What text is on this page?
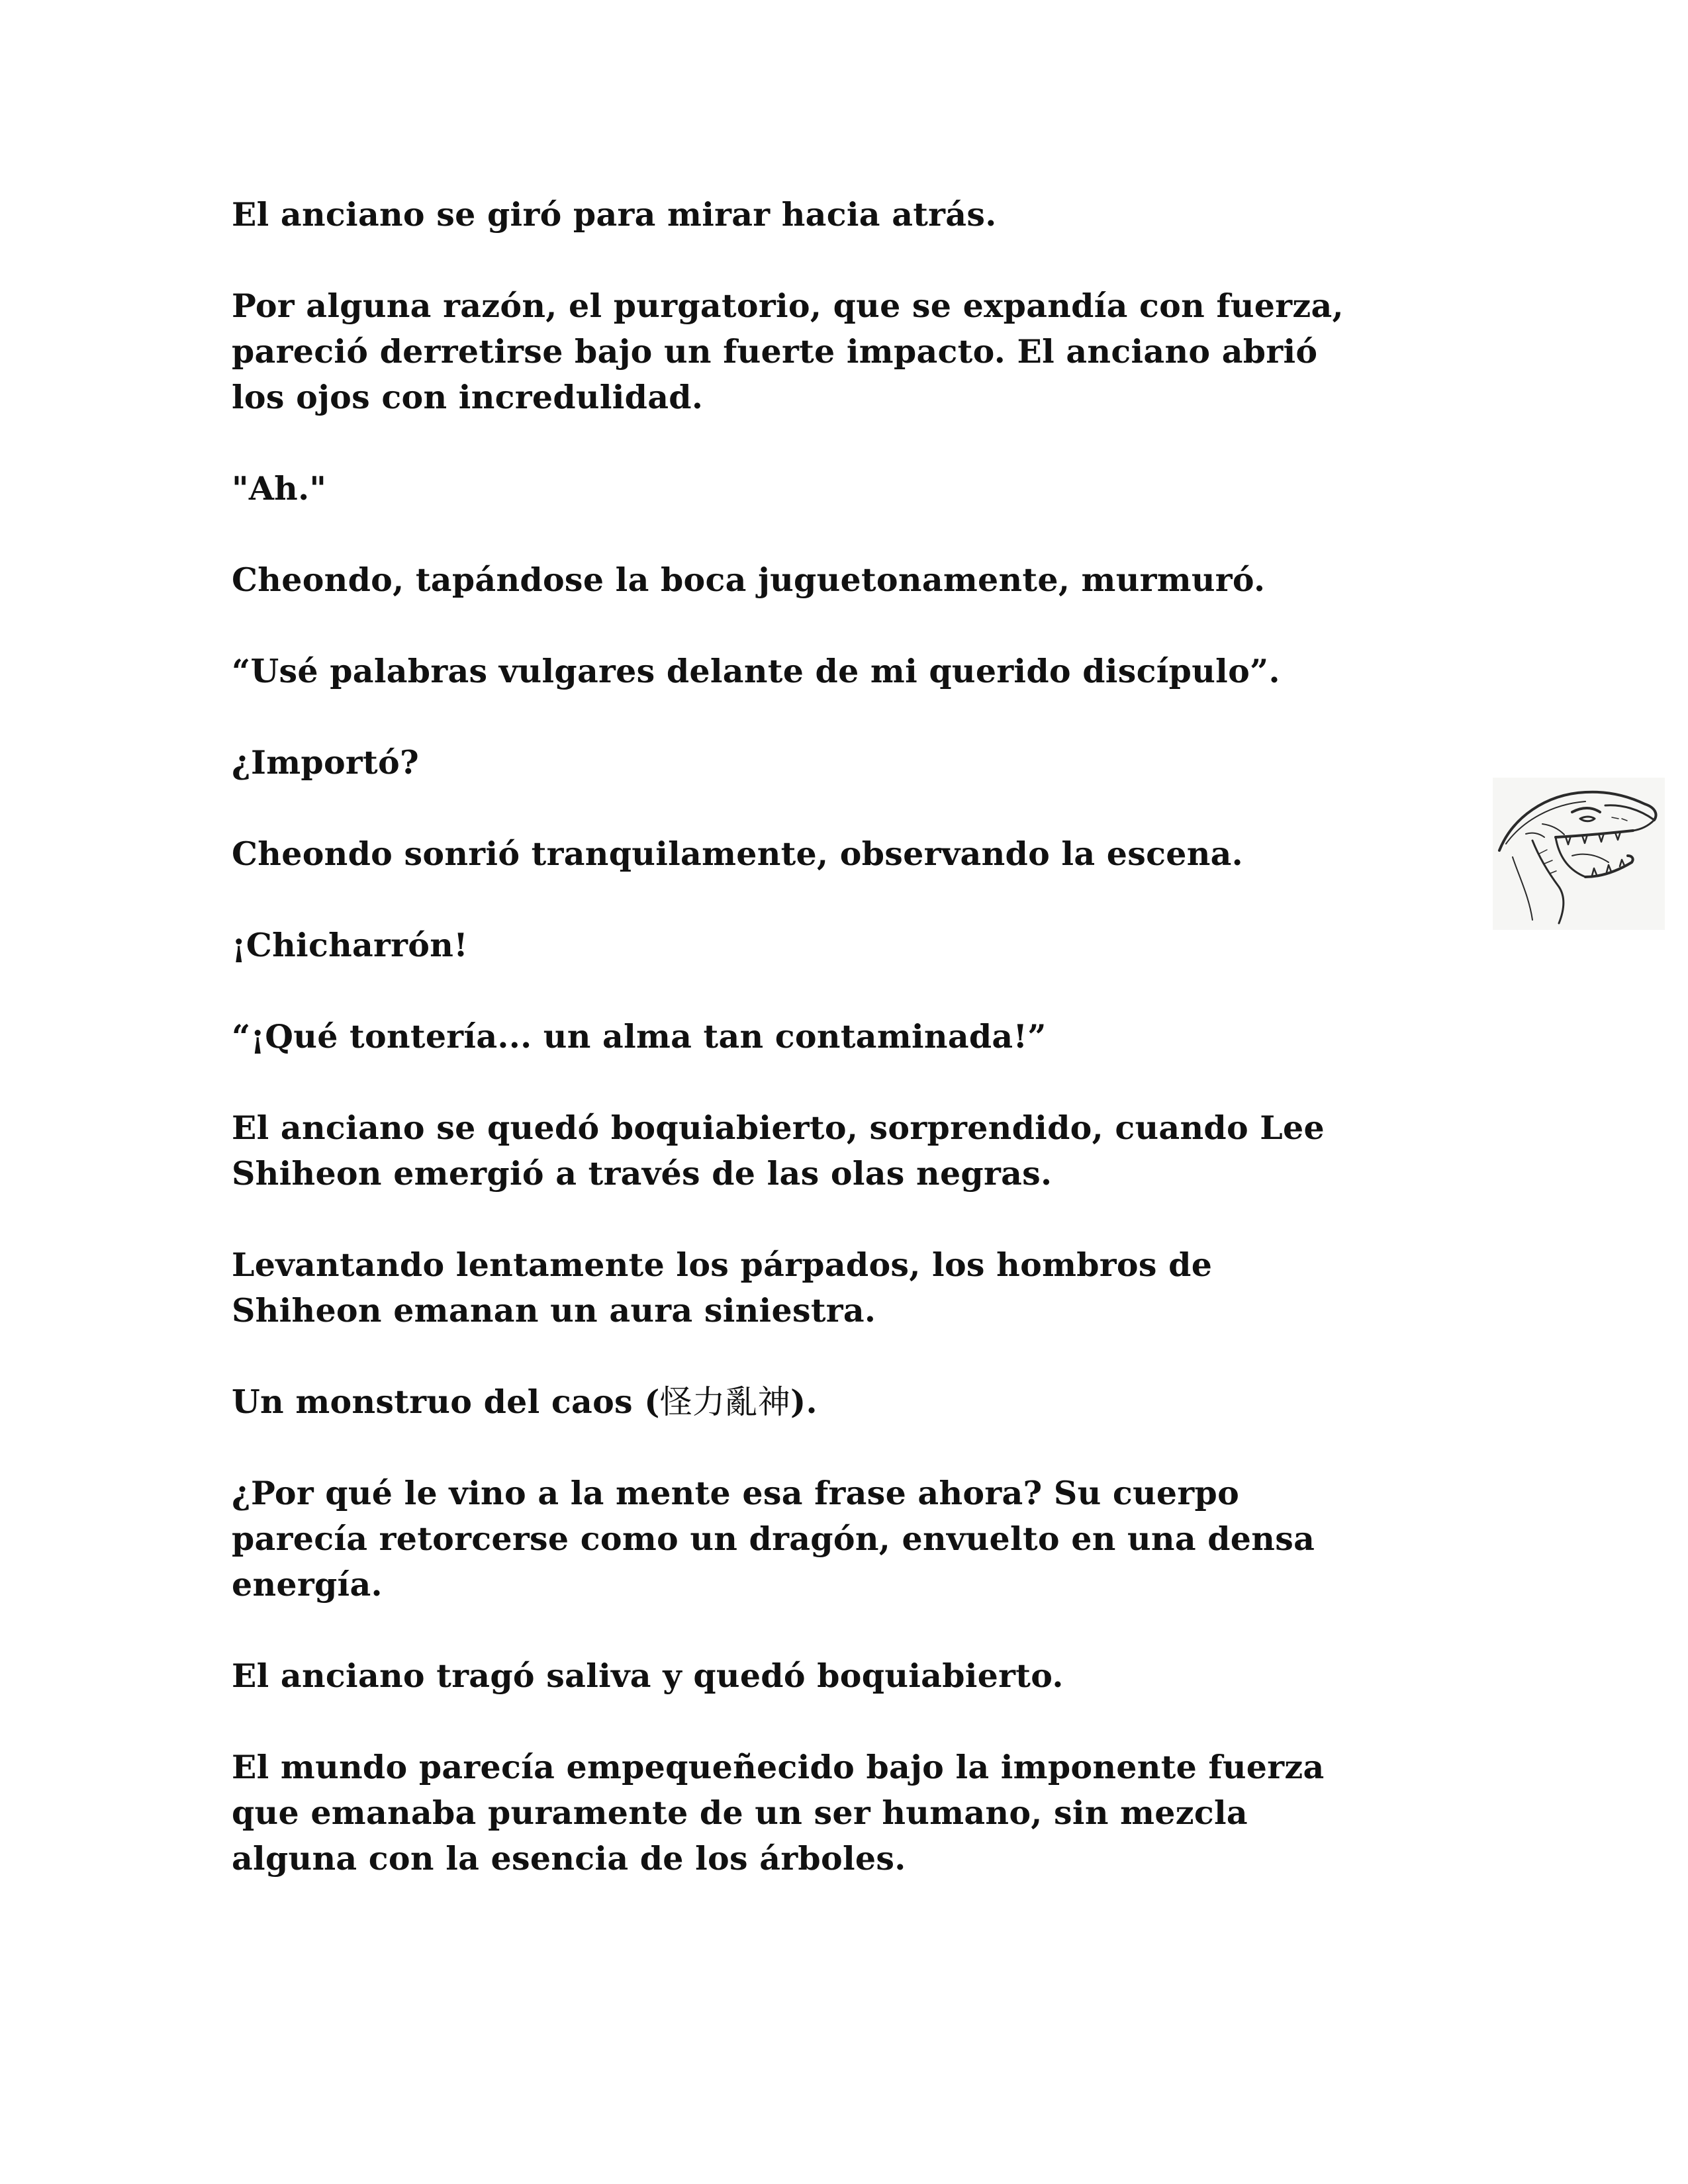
El anciano se giró para mirar hacia atrás.

Por alguna razón, el purgatorio, que se expandía con fuerza,
pareció derretirse bajo un fuerte impacto. El anciano abrió
los ojos con incredulidad.

"Ah."

Cheondo, tapándose la boca juguetonamente, murmuró.

“Usé palabras vulgares delante de mi querido discípulo”.

¿Importó?

Cheondo sonrió tranquilamente, observando la escena.

¡Chicharrón!

“¡Qué tontería... un alma tan contaminada!”

El anciano se quedó boquiabierto, sorprendido, cuando Lee
Shiheon emergió a través de las olas negras.

Levantando lentamente los párpados, los hombros de
Shiheon emanan un aura siniestra.

Un monstruo del caos (怪力亂神).

¿Por qué le vino a la mente esa frase ahora? Su cuerpo
parecía retorcerse como un dragón, envuelto en una densa
energía.

El anciano tragó saliva y quedó boquiabierto.

El mundo parecía empequeñecido bajo la imponente fuerza
que emanaba puramente de un ser humano, sin mezcla
alguna con la esencia de los árboles.
